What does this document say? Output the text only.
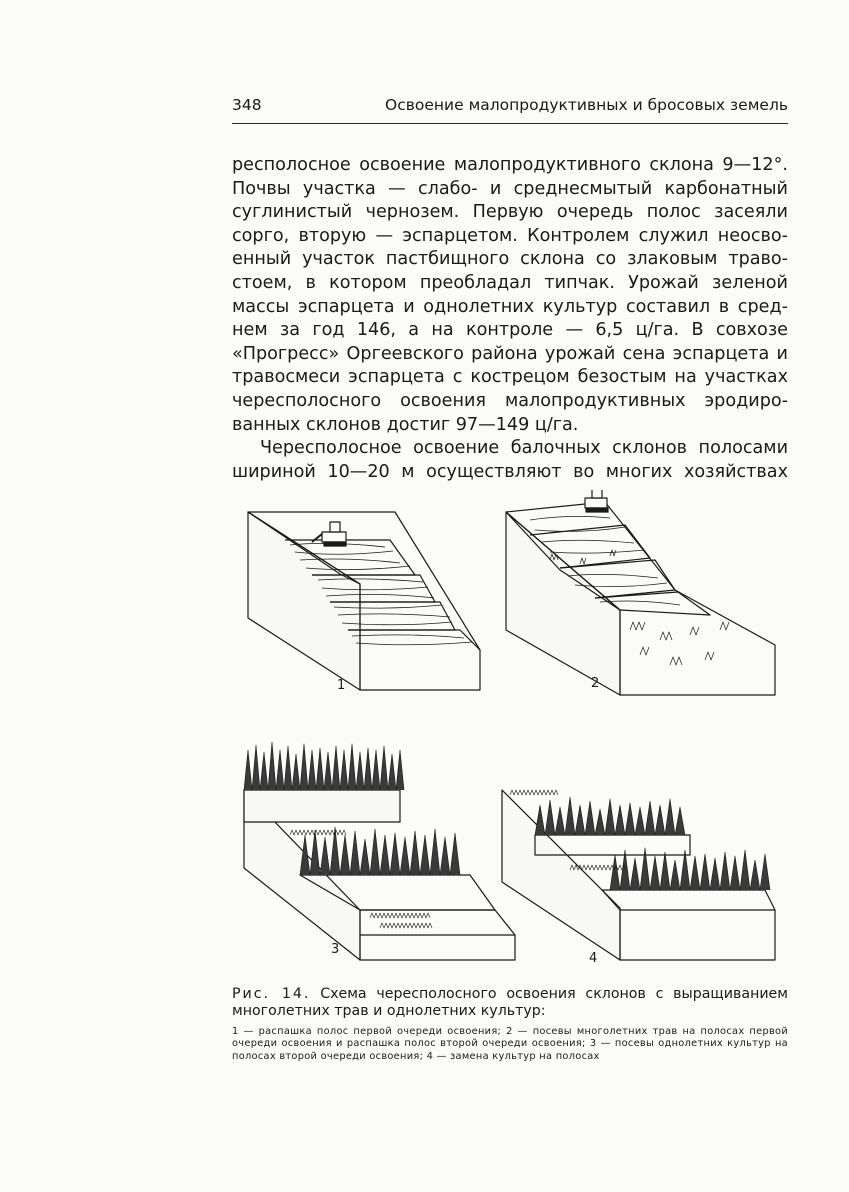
348	Освоение малопродуктивных и бросовых земель

респолосное освоение малопродуктивного склона 9—12°.

Почвы участка — слабо- и среднесмытый карбонатный

суглинистый чернозем. Первую очередь полос засеяли

сорго, вторую — эспарцетом. Контролем служил неосво-

енный участок пастбищного склона со злаковым траво-

стоем, в котором преобладал типчак. Урожай зеленой

массы эспарцета и однолетних культур составил в сред-

нем за год 146, а на контроле — 6,5 ц/га. В совхозе

«Прогресс» Оргеевского района урожай сена эспарцета и

травосмеси эспарцета с кострецом безостым на участках

чересполосного освоения малопродуктивных эродиро-

ванных склонов достиг 97—149 ц/га.

Чересполосное освоение балочных склонов полосами

шириной 10—20 м осуществляют во многих хозяйствах

1	2
3
4

Рис. 14. Схема чересполосного освоения склонов с выращиванием многолетних трав и однолетних культур:

1 — распашка полос первой очереди освоения; 2 — посевы многолетних трав на полосах первой очереди освоения и распашка полос второй очереди освоения; 3 — посевы однолетних культур на полосах второй очереди освоения; 4 — замена культур на полосах
